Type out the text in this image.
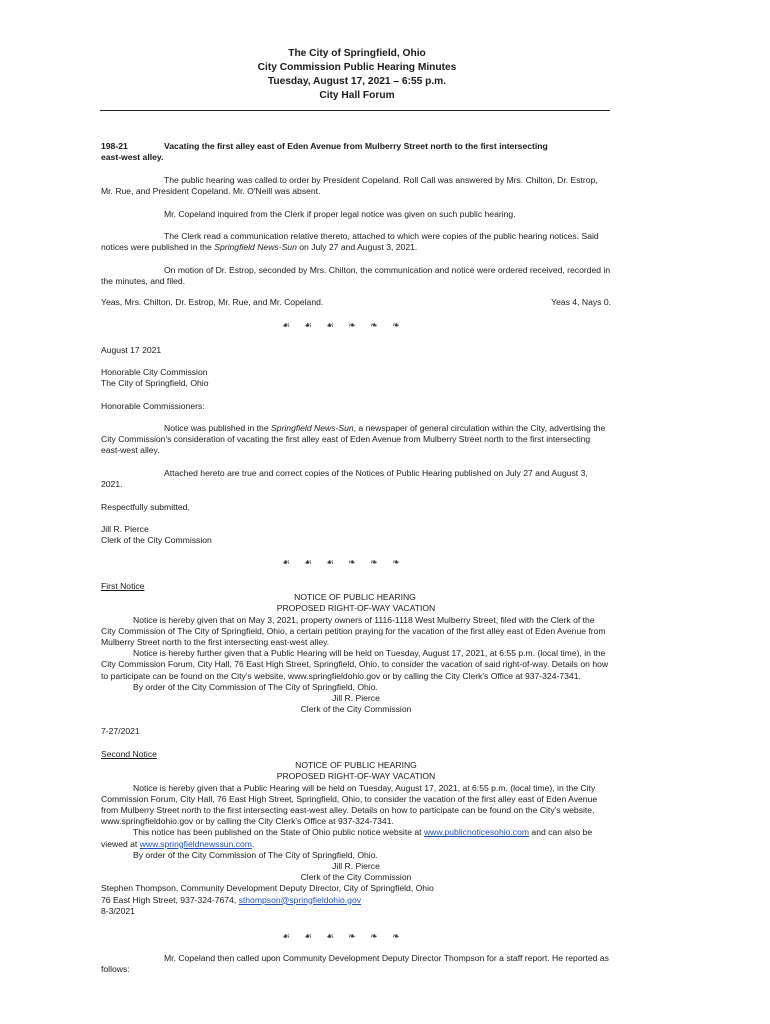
The City of Springfield, Ohio
City Commission Public Hearing Minutes
Tuesday, August 17, 2021 – 6:55 p.m.
City Hall Forum
198-21	Vacating the first alley east of Eden Avenue from Mulberry Street north to the first intersecting
east-west alley.
The public hearing was called to order by President Copeland. Roll Call was answered by Mrs. Chilton, Dr. Estrop, Mr. Rue, and President Copeland. Mr. O'Neill was absent.
Mr. Copeland inquired from the Clerk if proper legal notice was given on such public hearing.
The Clerk read a communication relative thereto, attached to which were copies of the public hearing notices. Said notices were published in the Springfield News-Sun on July 27 and August 3, 2021.
On motion of Dr. Estrop, seconded by Mrs. Chilton, the communication and notice were ordered received, recorded in the minutes, and filed.
Yeas, Mrs. Chilton, Dr. Estrop, Mr. Rue, and Mr. Copeland.	Yeas 4, Nays 0.
☙ ☙ ☙ ❧ ❧ ❧
August 17 2021
Honorable City Commission
The City of Springfield, Ohio
Honorable Commissioners:
Notice was published in the Springfield News-Sun, a newspaper of general circulation within the City, advertising the City Commission's consideration of vacating the first alley east of Eden Avenue from Mulberry Street north to the first intersecting east-west alley.
Attached hereto are true and correct copies of the Notices of Public Hearing published on July 27 and August 3, 2021.
Respectfully submitted,
Jill R. Pierce
Clerk of the City Commission
☙ ☙ ☙ ❧ ❧ ❧
First Notice
NOTICE OF PUBLIC HEARING
PROPOSED RIGHT-OF-WAY VACATION
Notice is hereby given that on May 3, 2021, property owners of 1116-1118 West Mulberry Street, filed with the Clerk of the City Commission of The City of Springfield, Ohio, a certain petition praying for the vacation of the first alley east of Eden Avenue from Mulberry Street north to the first intersecting east-west alley.
Notice is hereby further given that a Public Hearing will be held on Tuesday, August 17, 2021, at 6:55 p.m. (local time), in the City Commission Forum, City Hall, 76 East High Street, Springfield, Ohio, to consider the vacation of said right-of-way. Details on how to participate can be found on the City's website, www.springfieldohio.gov or by calling the City Clerk's Office at 937-324-7341.
By order of the City Commission of The City of Springfield, Ohio.
Jill R. Pierce
Clerk of the City Commission
7-27/2021
Second Notice
NOTICE OF PUBLIC HEARING
PROPOSED RIGHT-OF-WAY VACATION
Notice is hereby given that a Public Hearing will be held on Tuesday, August 17, 2021, at 6:55 p.m. (local time), in the City Commission Forum, City Hall, 76 East High Street, Springfield, Ohio, to consider the vacation of the first alley east of Eden Avenue from Mulberry Street north to the first intersecting east-west alley. Details on how to participate can be found on the City's website, www.springfieldohio.gov or by calling the City Clerk's Office at 937-324-7341.
This notice has been published on the State of Ohio public notice website at www.publicnoticesohio.com and can also be viewed at www.springfieldnewssun.com.
By order of the City Commission of The City of Springfield, Ohio.
Jill R. Pierce
Clerk of the City Commission
Stephen Thompson, Community Development Deputy Director, City of Springfield, Ohio
76 East High Street, 937-324-7674, sthompson@springfieldohio.gov
8-3/2021
☙ ☙ ☙ ❧ ❧ ❧
Mr. Copeland then called upon Community Development Deputy Director Thompson for a staff report. He reported as follows:
